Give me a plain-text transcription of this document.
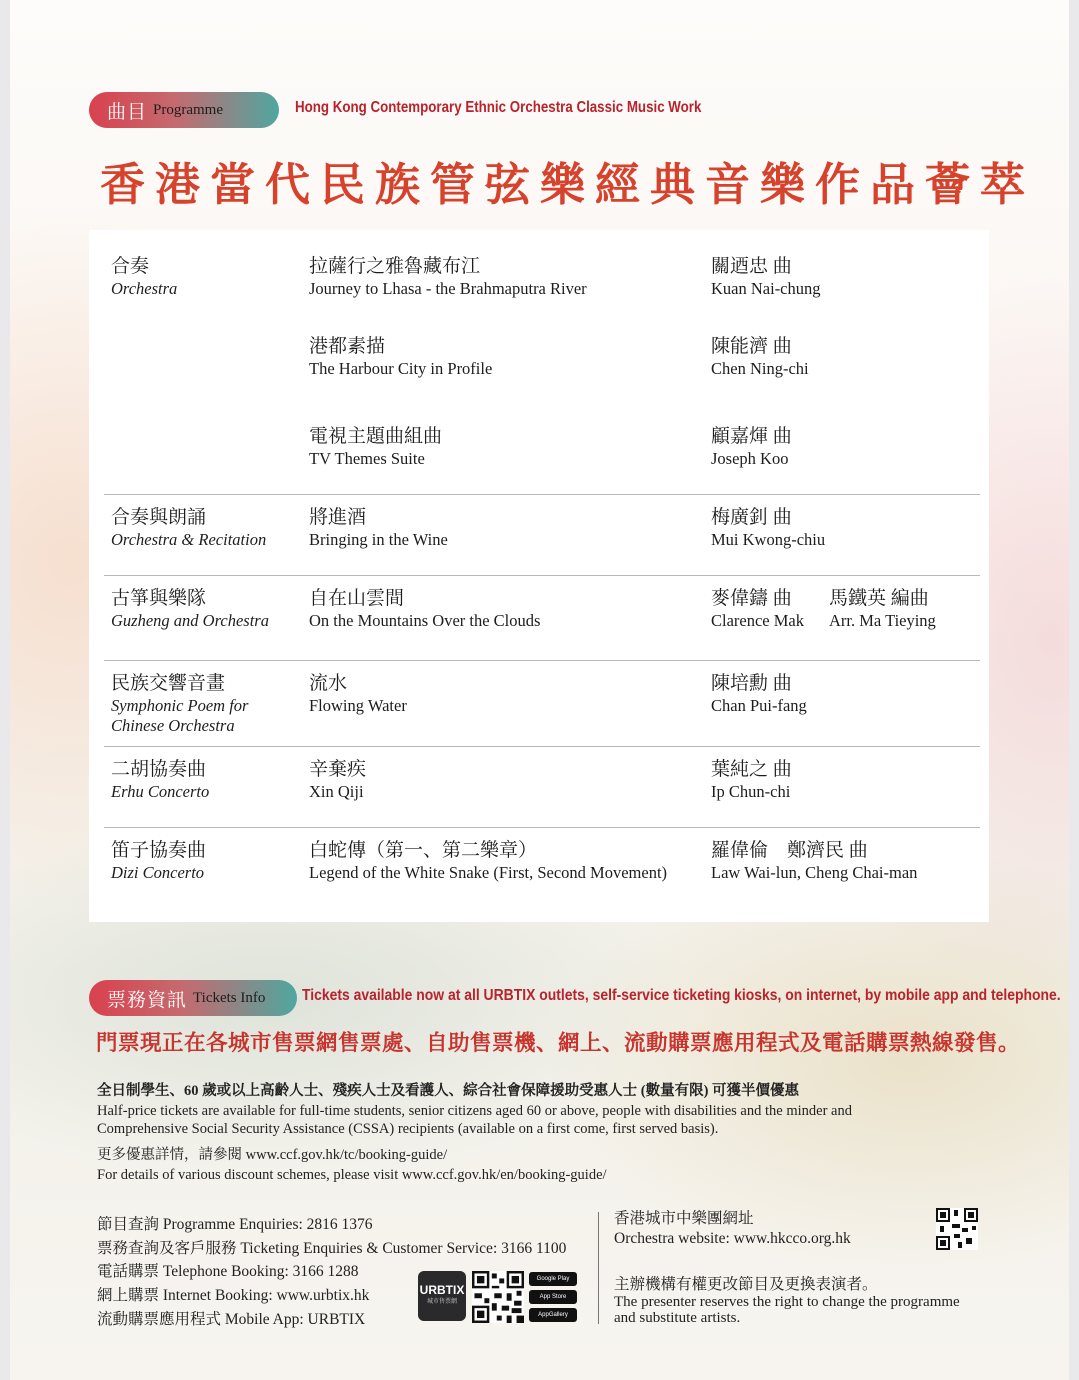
曲目 Programme	Hong Kong Contemporary Ethnic Orchestra Classic Music Work
香港當代民族管弦樂經典音樂作品薈萃
合奏
Orchestra
拉薩行之雅魯藏布江
Journey to Lhasa - the Brahmaputra River
關迺忠 曲
Kuan Nai-chung
港都素描
The Harbour City in Profile
陳能濟 曲
Chen Ning-chi
電視主題曲組曲
TV Themes Suite
顧嘉煇 曲
Joseph Koo
合奏與朗誦
Orchestra & Recitation
將進酒
Bringing in the Wine
梅廣釗 曲
Mui Kwong-chiu
古箏與樂隊
Guzheng and Orchestra
自在山雲間
On the Mountains Over the Clouds
麥偉鑄 曲
Clarence Mak
馬鐵英 編曲
Arr. Ma Tieying
民族交響音畫
Symphonic Poem for
Chinese Orchestra
流水
Flowing Water
陳培勳 曲
Chan Pui-fang
二胡協奏曲
Erhu Concerto
辛棄疾
Xin Qiji
葉純之 曲
Ip Chun-chi
笛子協奏曲
Dizi Concerto
白蛇傳（第一、第二樂章）
Legend of the White Snake (First, Second Movement)
羅偉倫　鄭濟民 曲
Law Wai-lun, Cheng Chai-man
票務資訊 Tickets Info Tickets available now at all URBTIX outlets, self-service ticketing kiosks, on internet, by mobile app and telephone.
門票現正在各城市售票網售票處、自助售票機、網上、流動購票應用程式及電話購票熱線發售。
全日制學生、60 歲或以上高齡人士、殘疾人士及看護人、綜合社會保障援助受惠人士 (數量有限) 可獲半價優惠
Half-price tickets are available for full-time students, senior citizens aged 60 or above, people with disabilities and the minder and
Comprehensive Social Security Assistance (CSSA) recipients (available on a first come, first served basis).
更多優惠詳情，請參閱 www.ccf.gov.hk/tc/booking-guide/
For details of various discount schemes, please visit www.ccf.gov.hk/en/booking-guide/
節目查詢 Programme Enquiries: 2816 1376
票務查詢及客戶服務 Ticketing Enquiries & Customer Service: 3166 1100
電話購票 Telephone Booking: 3166 1288
網上購票 Internet Booking: www.urbtix.hk
流動購票應用程式 Mobile App: URBTIX
URBTIX
城市售票網
Google Play
App Store
AppGallery
香港城市中樂團網址
Orchestra website: www.hkcco.org.hk
主辦機構有權更改節目及更換表演者。
The presenter reserves the right to change the programme
and substitute artists.
